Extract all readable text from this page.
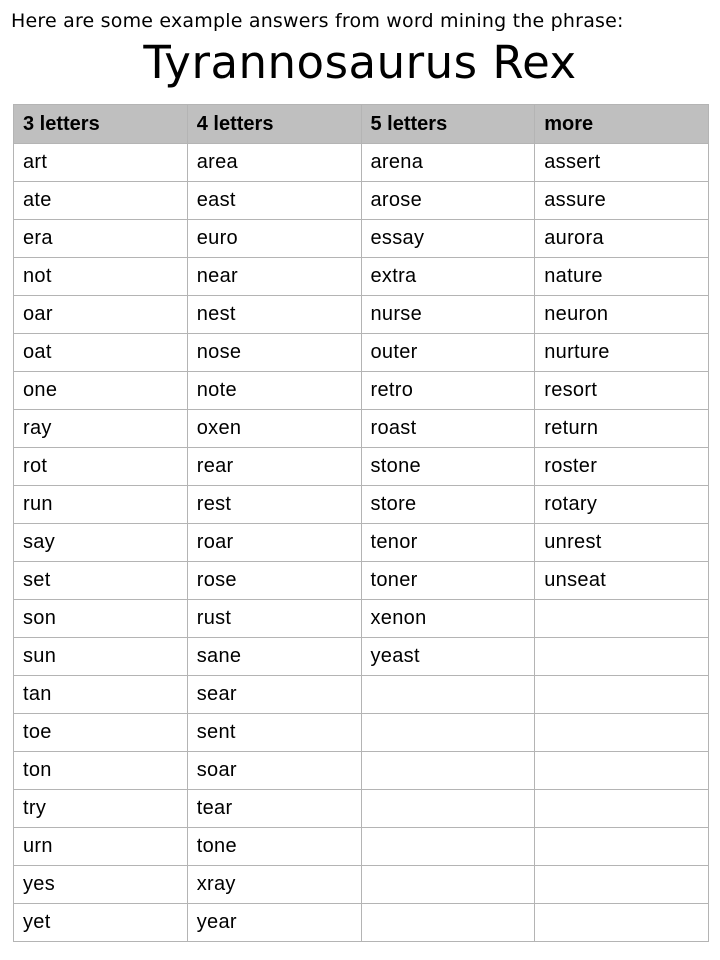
Here are some example answers from word mining the phrase:
Tyrannosaurus Rex
3 letters	4 letters	5 letters	more
art	area	arena	assert
ate	east	arose	assure
era	euro	essay	aurora
not	near	extra	nature
oar	nest	nurse	neuron
oat	nose	outer	nurture
one	note	retro	resort
ray	oxen	roast	return
rot	rear	stone	roster
run	rest	store	rotary
say	roar	tenor	unrest
set	rose	toner	unseat
son	rust	xenon	
sun	sane	yeast	
tan	sear		
toe	sent		
ton	soar		
try	tear		
urn	tone		
yes	xray		
yet	year		
